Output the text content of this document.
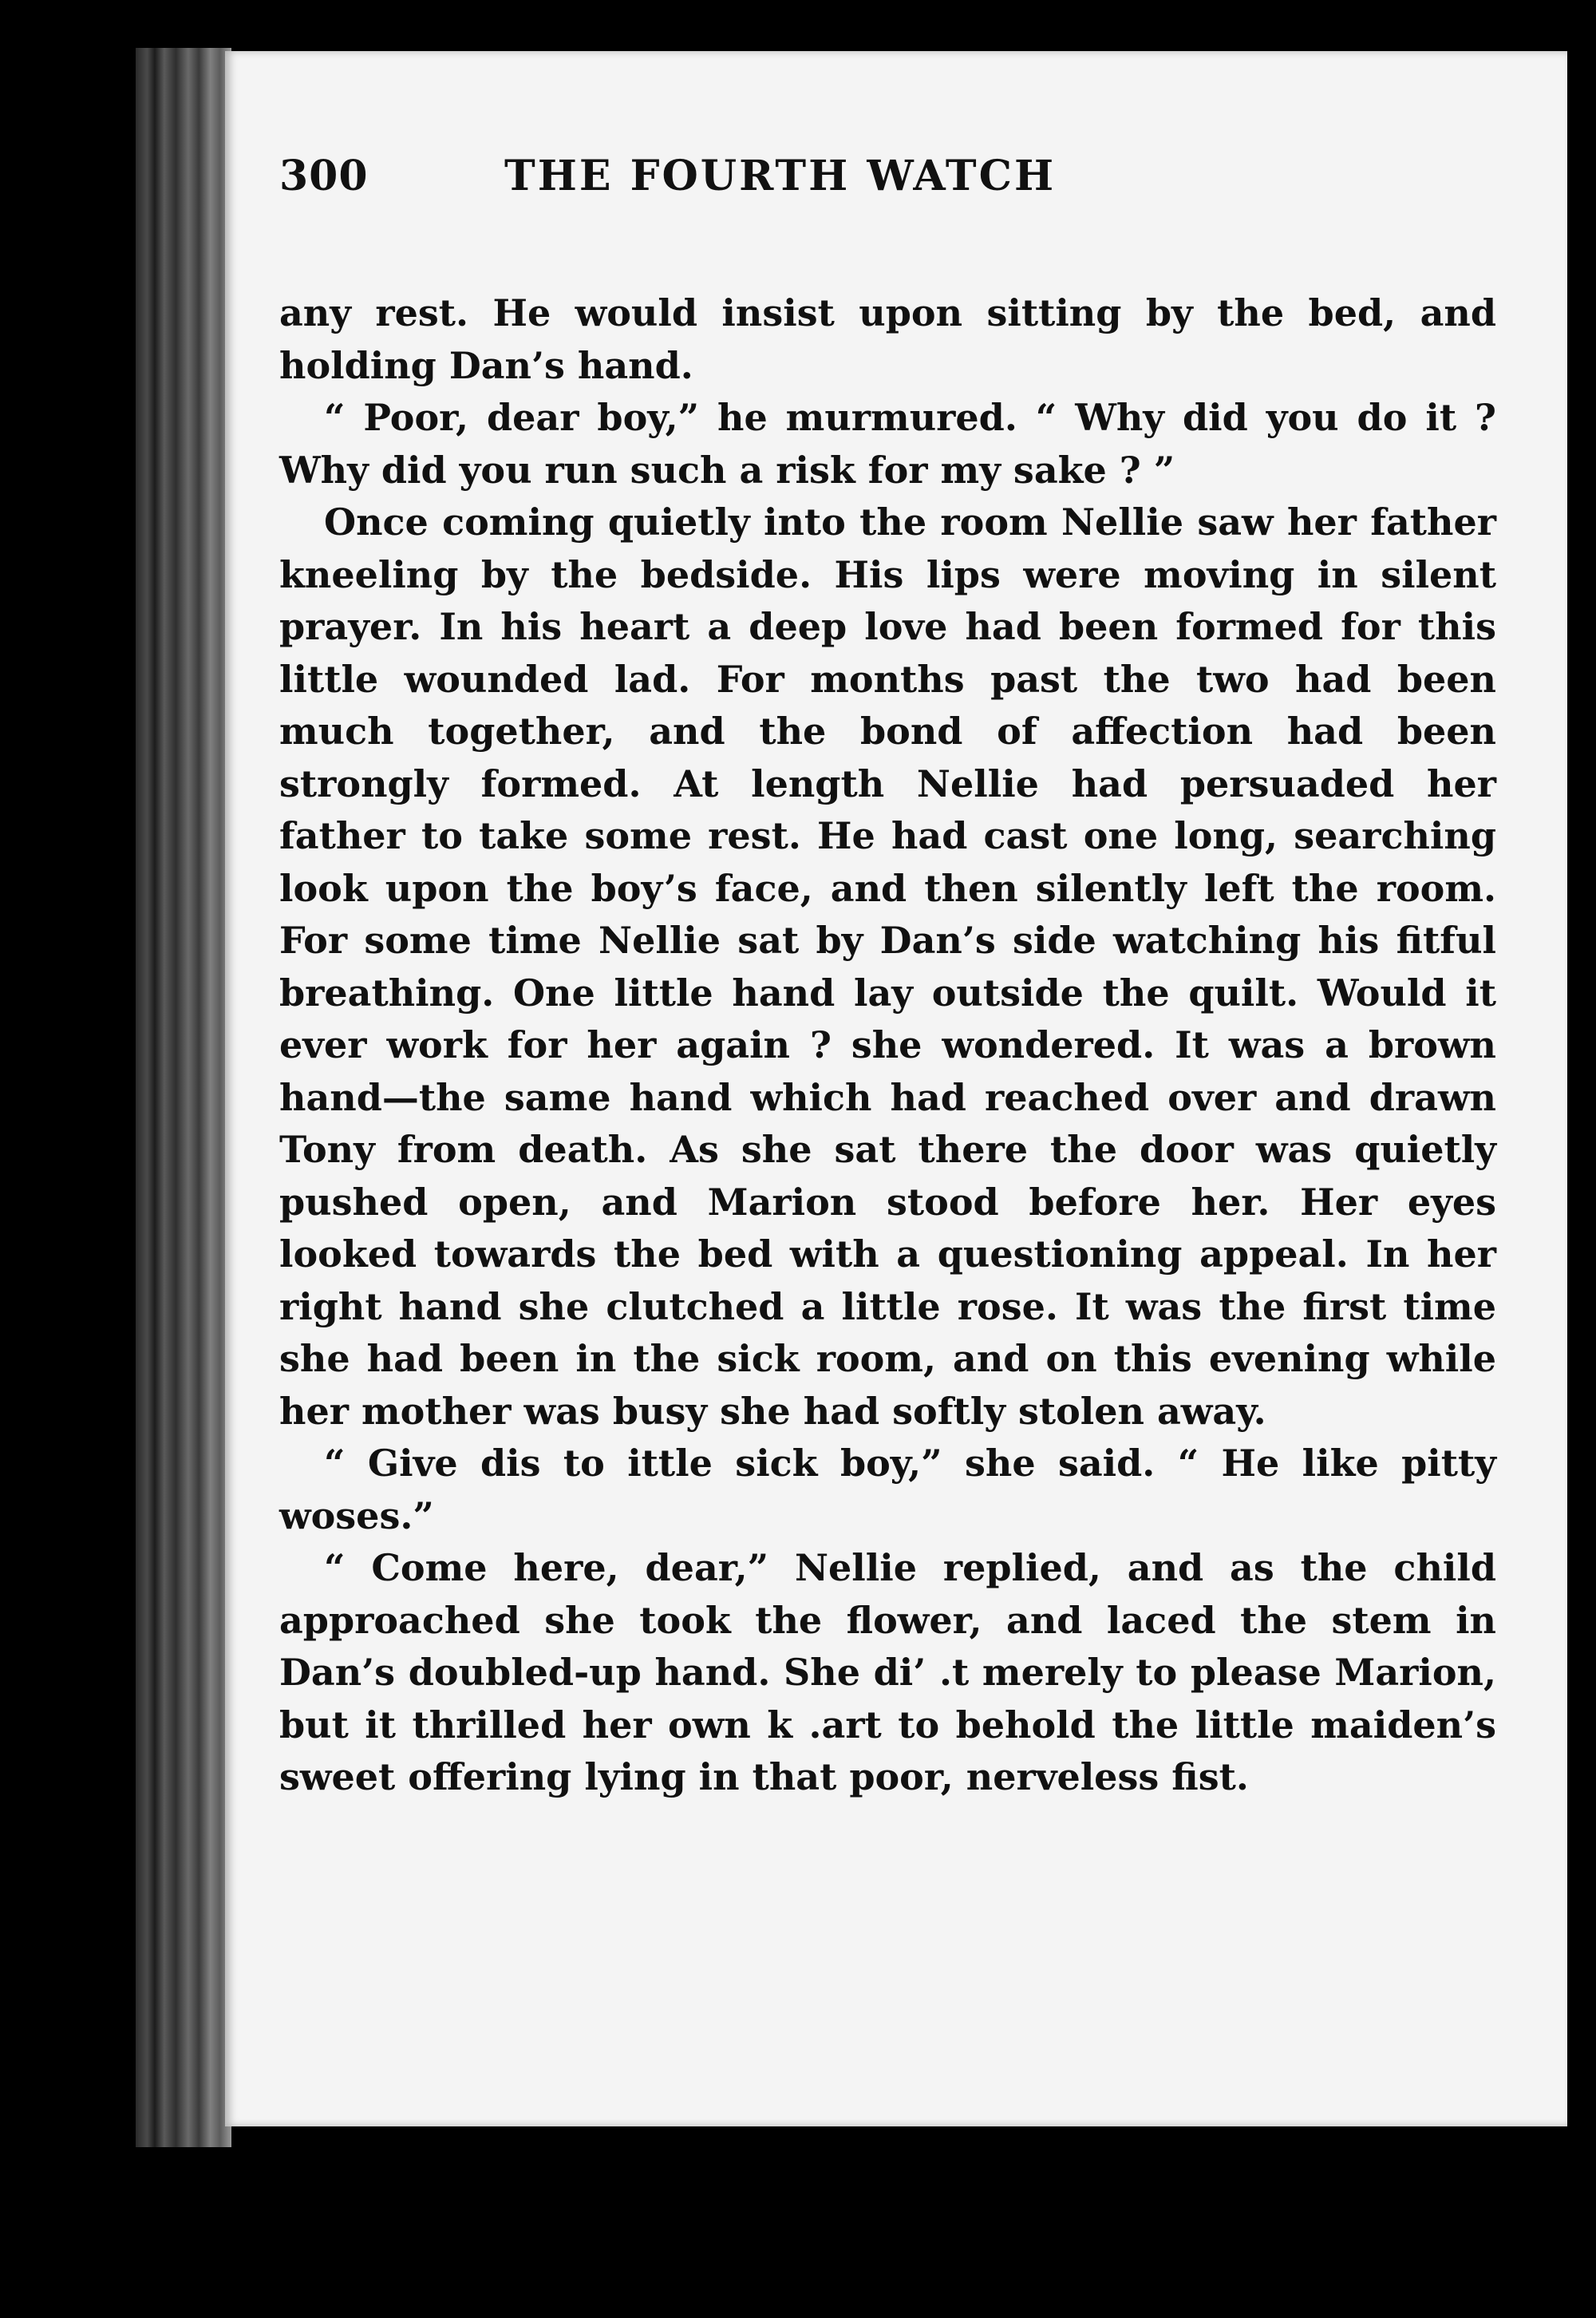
300	THE FOURTH WATCH

any rest. He would insist upon sitting by the bed, and holding Dan’s hand.

“ Poor, dear boy,” he murmured. “ Why did you do it ? Why did you run such a risk for my sake ? ”

Once coming quietly into the room Nellie saw her father kneeling by the bedside. His lips were moving in silent prayer. In his heart a deep love had been formed for this little wounded lad. For months past the two had been much together, and the bond of affection had been strongly formed. At length Nellie had persuaded her father to take some rest. He had cast one long, searching look upon the boy’s face, and then silently left the room. For some time Nellie sat by Dan’s side watching his fitful breathing. One little hand lay outside the quilt. Would it ever work for her again ? she wondered. It was a brown hand—the same hand which had reached over and drawn Tony from death. As she sat there the door was quietly pushed open, and Marion stood before her. Her eyes looked towards the bed with a questioning appeal. In her right hand she clutched a little rose. It was the first time she had been in the sick room, and on this evening while her mother was busy she had softly stolen away.

“ Give dis to ittle sick boy,” she said. “ He like pitty woses.”

“ Come here, dear,” Nellie replied, and as the child approached she took the flower, and laced the stem in Dan’s doubled-up hand. She di’ .t merely to please Marion, but it thrilled her own k .art to behold the little maiden’s sweet offering lying in that poor, nerveless fist.
